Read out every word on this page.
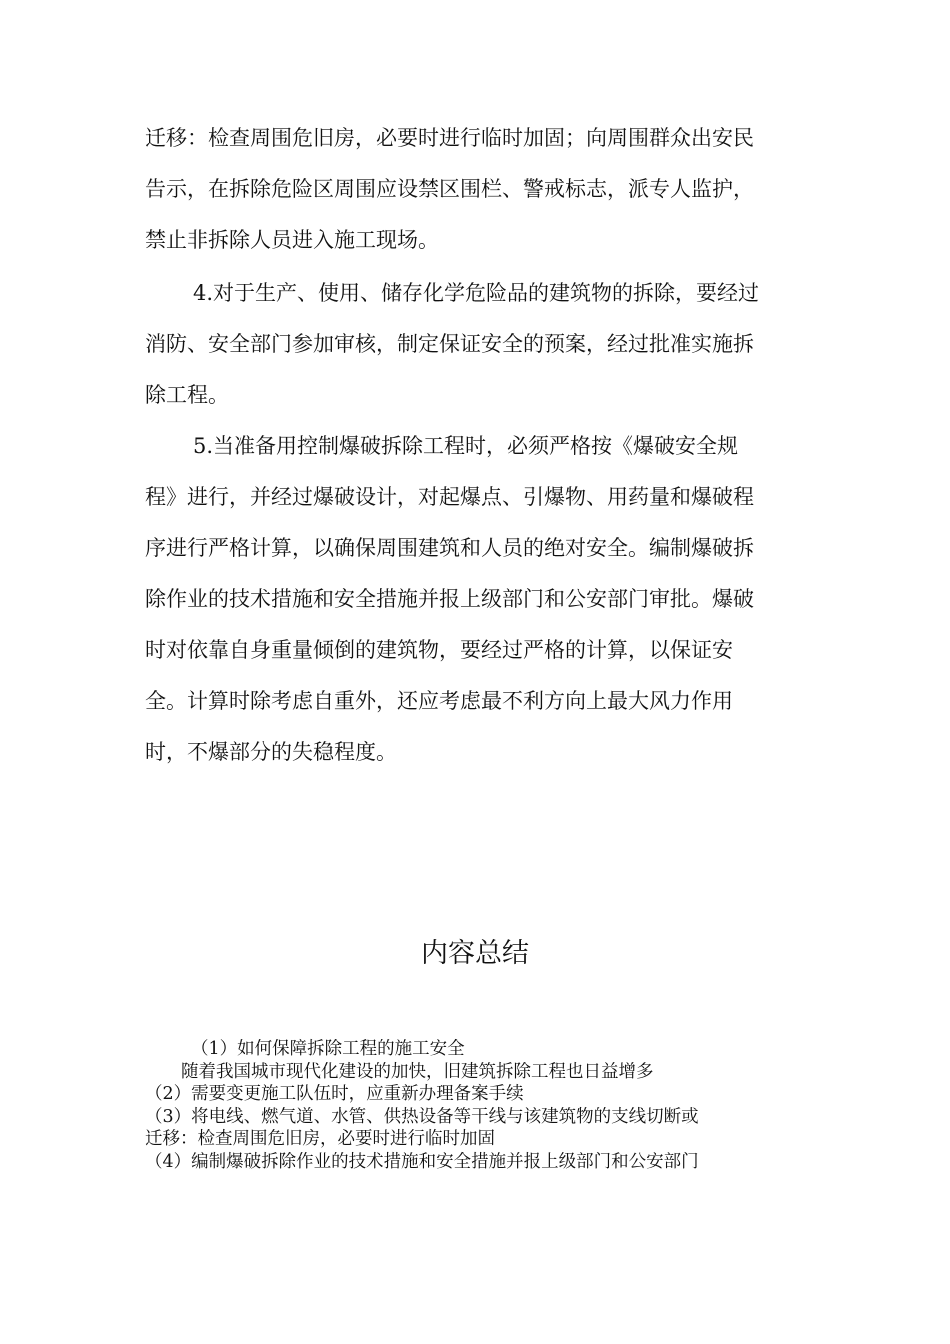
迁移：检查周围危旧房，必要时进行临时加固；向周围群众出安民
告示，在拆除危险区周围应设禁区围栏、警戒标志，派专人监护，
禁止非拆除人员进入施工现场。
4.对于生产、使用、储存化学危险品的建筑物的拆除，要经过
消防、安全部门参加审核，制定保证安全的预案，经过批准实施拆
除工程。
5.当准备用控制爆破拆除工程时，必须严格按《爆破安全规
程》进行，并经过爆破设计，对起爆点、引爆物、用药量和爆破程
序进行严格计算，以确保周围建筑和人员的绝对安全。编制爆破拆
除作业的技术措施和安全措施并报上级部门和公安部门审批。爆破
时对依靠自身重量倾倒的建筑物，要经过严格的计算，以保证安
全。计算时除考虑自重外，还应考虑最不利方向上最大风力作用
时，不爆部分的失稳程度。
内容总结
（1）如何保障拆除工程的施工安全
随着我国城市现代化建设的加快，旧建筑拆除工程也日益增多
（2）需要变更施工队伍时，应重新办理备案手续
（3）将电线、燃气道、水管、供热设备等干线与该建筑物的支线切断或
迁移：检查周围危旧房，必要时进行临时加固
（4）编制爆破拆除作业的技术措施和安全措施并报上级部门和公安部门
